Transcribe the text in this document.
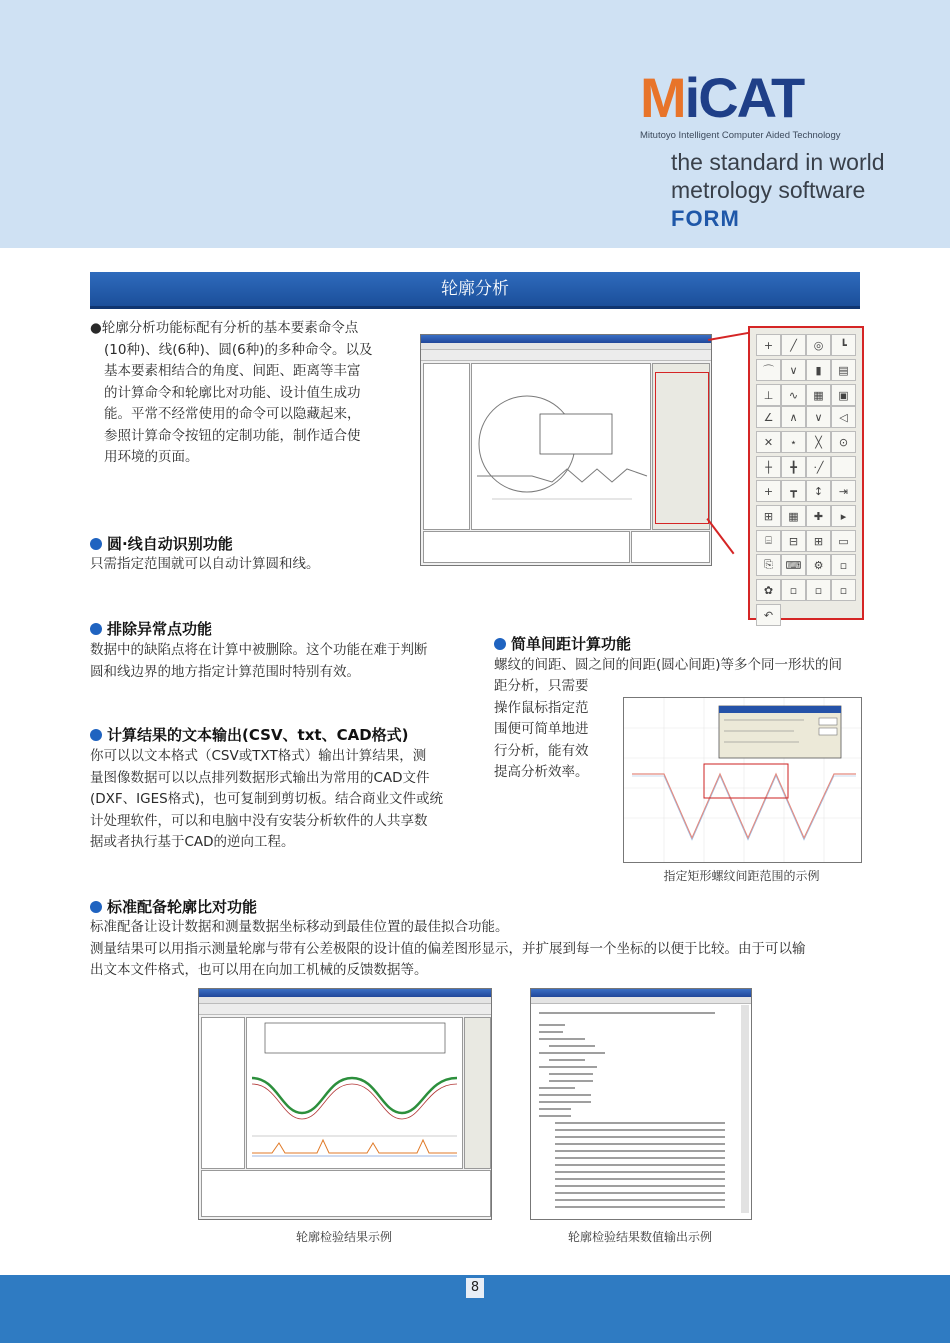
MiCAT
Mitutoyo Intelligent Computer Aided Technology
the standard in world
metrology software
FORM
轮廓分析

●轮廓分析功能标配有分析的基本要素命令点

(10种)、线(6种)、圆(6种)的多种命令。以及

基本要素相结合的角度、间距、距离等丰富

的计算命令和轮廓比对功能、设计值生成功

能。平常不经常使用的命令可以隐藏起来，

参照计算命令按钮的定制功能，制作适合使

用环境的页面。

+	╱	◎	┗
⌒	∨	▮	▤
⊥	∿	▦	▣
∠	∧	∨	◁
✕	⋆	╳	⊙
┼	╋	·╱
+	┳	↕	⇥
⊞	▦	✚	▸
⌸	⊟	⊞	▭
⎘	⌨	⚙	▫
✿	▫	▫	▫
↶
圆·线自动识别功能
只需指定范围就可以自动计算圆和线。
排除异常点功能

数据中的缺陷点将在计算中被删除。这个功能在难于判断

圆和线边界的地方指定计算范围时特别有效。

计算结果的文本输出(CSV、txt、CAD格式)

你可以以文本格式（CSV或TXT格式）输出计算结果，测

量图像数据可以以点排列数据形式输出为常用的CAD文件

(DXF、IGES格式)，也可复制到剪切板。结合商业文件或统

计处理软件，可以和电脑中没有安装分析软件的人共享数

据或者执行基于CAD的逆向工程。

简单间距计算功能
螺纹的间距、圆之间的间距(圆心间距)等多个同一形状的间

距分析，只需要

操作鼠标指定范

围便可简单地进

行分析，能有效

提高分析效率。

指定矩形螺纹间距范围的示例
标准配备轮廓比对功能

标准配备让设计数据和测量数据坐标移动到最佳位置的最佳拟合功能。

测量结果可以用指示测量轮廓与带有公差极限的设计值的偏差图形显示，并扩展到每一个坐标的以便于比较。由于可以输

出文本文件格式，也可以用在向加工机械的反馈数据等。

轮廓检验结果示例	轮廓检验结果数值输出示例
8
